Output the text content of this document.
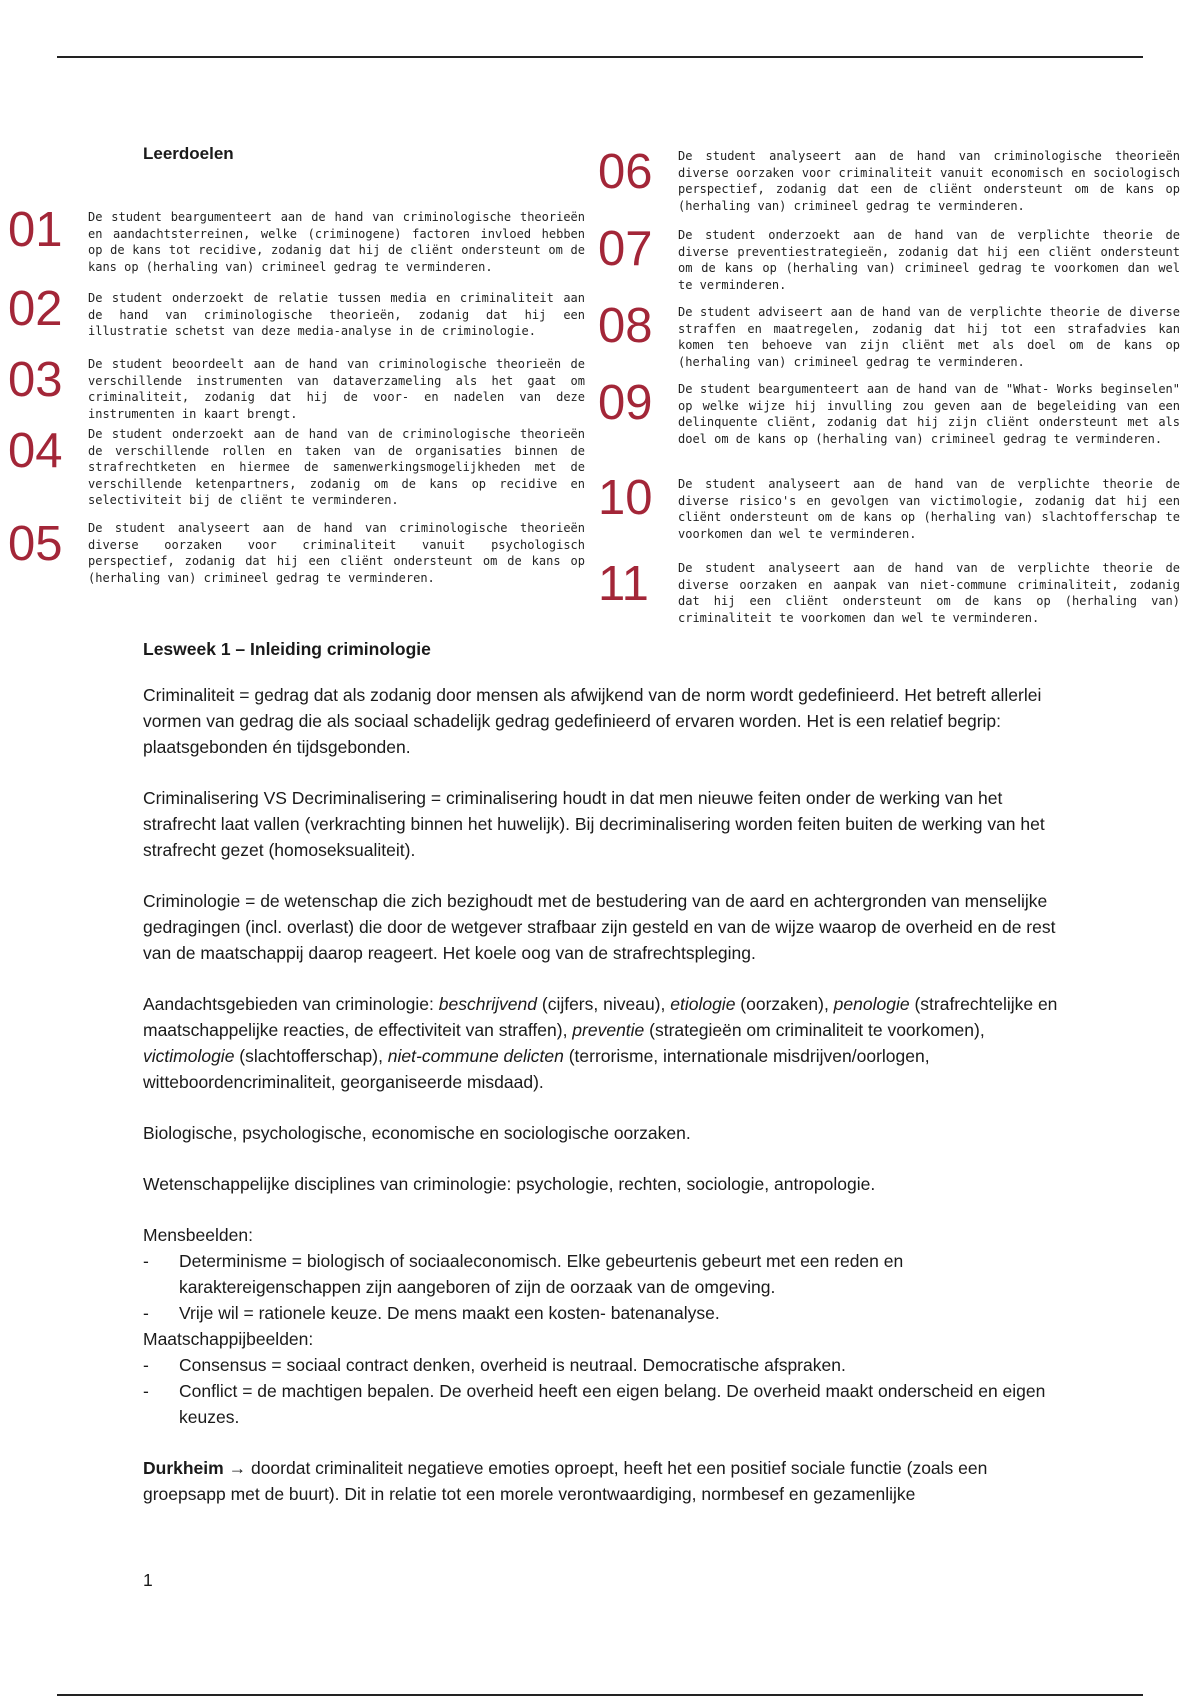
Leerdoelen
01 De student beargumenteert aan de hand van criminologische theorieën en aandachtsterreinen, welke (criminogene) factoren invloed hebben op de kans tot recidive, zodanig dat hij de cliënt ondersteunt om de kans op (herhaling van) crimineel gedrag te verminderen.

02 De student onderzoekt de relatie tussen media en criminaliteit aan de hand van criminologische theorieën, zodanig dat hij een illustratie schetst van deze media-analyse in de criminologie.

03 De student beoordeelt aan de hand van criminologische theorieën de verschillende instrumenten van dataverzameling als het gaat om criminaliteit, zodanig dat hij de voor- en nadelen van deze instrumenten in kaart brengt.

04 De student onderzoekt aan de hand van de criminologische theorieën de verschillende rollen en taken van de organisaties binnen de strafrechtketen en hiermee de samenwerkingsmogelijkheden met de verschillende ketenpartners, zodanig om de kans op recidive en selectiviteit bij de cliënt te verminderen.

05 De student analyseert aan de hand van criminologische theorieën diverse oorzaken voor criminaliteit vanuit psychologisch perspectief, zodanig dat hij een cliënt ondersteunt om de kans op (herhaling van) crimineel gedrag te verminderen.

06 De student analyseert aan de hand van criminologische theorieën diverse oorzaken voor criminaliteit vanuit economisch en sociologisch perspectief, zodanig dat een de cliënt ondersteunt om de kans op (herhaling van) crimineel gedrag te verminderen.

07 De student onderzoekt aan de hand van de verplichte theorie de diverse preventiestrategieën, zodanig dat hij een cliënt ondersteunt om de kans op (herhaling van) crimineel gedrag te voorkomen dan wel te verminderen.

08 De student adviseert aan de hand van de verplichte theorie de diverse straffen en maatregelen, zodanig dat hij tot een strafadvies kan komen ten behoeve van zijn cliënt met als doel om de kans op (herhaling van) crimineel gedrag te verminderen.

09 De student beargumenteert aan de hand van de "What- Works beginselen" op welke wijze hij invulling zou geven aan de begeleiding van een delinquente cliënt, zodanig dat hij zijn cliënt ondersteunt met als doel om de kans op (herhaling van) crimineel gedrag te verminderen.

10 De student analyseert aan de hand van de verplichte theorie de diverse risico's en gevolgen van victimologie, zodanig dat hij een cliënt ondersteunt om de kans op (herhaling van) slachtofferschap te voorkomen dan wel te verminderen.

11 De student analyseert aan de hand van de verplichte theorie de diverse oorzaken en aanpak van niet-commune criminaliteit, zodanig dat hij een cliënt ondersteunt om de kans op (herhaling van) criminaliteit te voorkomen dan wel te verminderen.

Lesweek 1 – Inleiding criminologie

Criminaliteit = gedrag dat als zodanig door mensen als afwijkend van de norm wordt gedefinieerd. Het betreft allerlei vormen van gedrag die als sociaal schadelijk gedrag gedefinieerd of ervaren worden. Het is een relatief begrip: plaatsgebonden én tijdsgebonden.

Criminalisering VS Decriminalisering = criminalisering houdt in dat men nieuwe feiten onder de werking van het strafrecht laat vallen (verkrachting binnen het huwelijk). Bij decriminalisering worden feiten buiten de werking van het strafrecht gezet (homoseksualiteit).

Criminologie = de wetenschap die zich bezighoudt met de bestudering van de aard en achtergronden van menselijke gedragingen (incl. overlast) die door de wetgever strafbaar zijn gesteld en van de wijze waarop de overheid en de rest van de maatschappij daarop reageert. Het koele oog van de strafrechtspleging.

Aandachtsgebieden van criminologie: beschrijvend (cijfers, niveau), etiologie (oorzaken), penologie (strafrechtelijke en maatschappelijke reacties, de effectiviteit van straffen), preventie (strategieën om criminaliteit te voorkomen), victimologie (slachtofferschap), niet-commune delicten (terrorisme, internationale misdrijven/oorlogen, witteboordencriminaliteit, georganiseerde misdaad).

Biologische, psychologische, economische en sociologische oorzaken.

Wetenschappelijke disciplines van criminologie: psychologie, rechten, sociologie, antropologie.

Mensbeelden:

- Determinisme = biologisch of sociaaleconomisch. Elke gebeurtenis gebeurt met een reden en karaktereigenschappen zijn aangeboren of zijn de oorzaak van de omgeving.
- Vrije wil = rationele keuze. De mens maakt een kosten- batenanalyse.

Maatschappijbeelden:

- Consensus = sociaal contract denken, overheid is neutraal. Democratische afspraken.
- Conflict = de machtigen bepalen. De overheid heeft een eigen belang. De overheid maakt onderscheid en eigen keuzes.

Durkheim → doordat criminaliteit negatieve emoties oproept, heeft het een positief sociale functie (zoals een groepsapp met de buurt). Dit in relatie tot een morele verontwaardiging, normbesef en gezamenlijke

1
